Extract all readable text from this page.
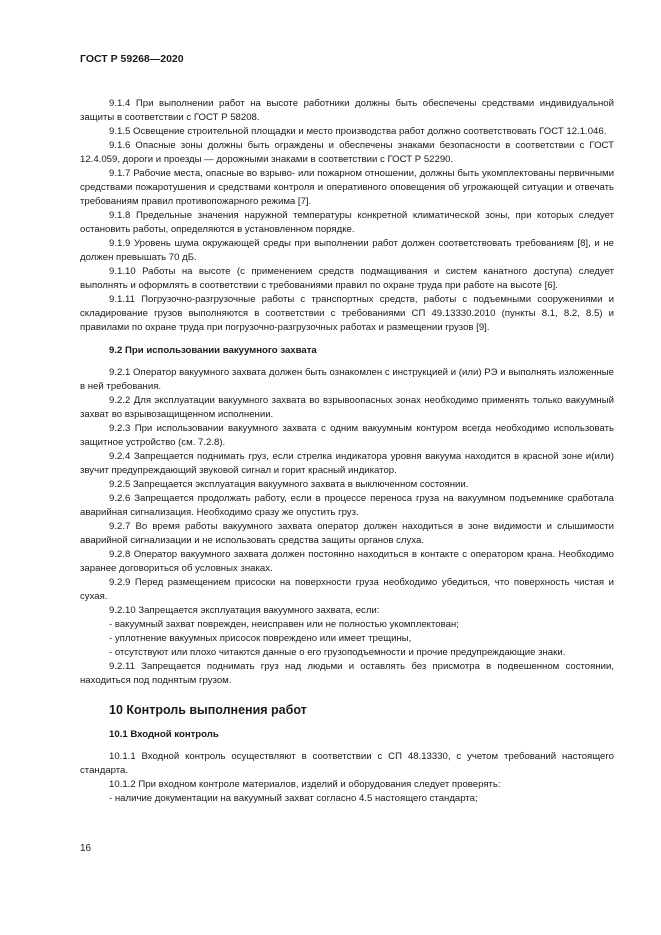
ГОСТ Р 59268—2020

9.1.4 При выполнении работ на высоте работники должны быть обеспечены средствами индивидуальной защиты в соответствии с ГОСТ Р 58208.

9.1.5 Освещение строительной площадки и место производства работ должно соответствовать ГОСТ 12.1.046.

9.1.6 Опасные зоны должны быть ограждены и обеспечены знаками безопасности в соответствии с ГОСТ 12.4.059, дороги и проезды — дорожными знаками в соответствии с ГОСТ Р 52290.

9.1.7 Рабочие места, опасные во взрыво- или пожарном отношении, должны быть укомплектованы первичными средствами пожаротушения и средствами контроля и оперативного оповещения об угрожающей ситуации и отвечать требованиям правил противопожарного режима [7].

9.1.8 Предельные значения наружной температуры конкретной климатической зоны, при которых следует остановить работы, определяются в установленном порядке.

9.1.9 Уровень шума окружающей среды при выполнении работ должен соответствовать требованиям [8], и не должен превышать 70 дБ.

9.1.10 Работы на высоте (с применением средств подмащивания и систем канатного доступа) следует выполнять и оформлять в соответствии с требованиями правил по охране труда при работе на высоте [6].

9.1.11 Погрузочно-разгрузочные работы с транспортных средств, работы с подъемными сооружениями и складирование грузов выполняются в соответствии с требованиями СП 49.13330.2010 (пункты 8.1, 8.2, 8.5) и правилами по охране труда при погрузочно-разгрузочных работах и размещении грузов [9].

9.2 При использовании вакуумного захвата

9.2.1 Оператор вакуумного захвата должен быть ознакомлен с инструкцией и (или) РЭ и выполнять изложенные в ней требования.

9.2.2 Для эксплуатации вакуумного захвата во взрывоопасных зонах необходимо применять только вакуумный захват во взрывозащищенном исполнении.

9.2.3 При использовании вакуумного захвата с одним вакуумным контуром всегда необходимо использовать защитное устройство (см. 7.2.8).

9.2.4 Запрещается поднимать груз, если стрелка индикатора уровня вакуума находится в красной зоне и(или) звучит предупреждающий звуковой сигнал и горит красный индикатор.

9.2.5 Запрещается эксплуатация вакуумного захвата в выключенном состоянии.

9.2.6 Запрещается продолжать работу, если в процессе переноса груза на вакуумном подъемнике сработала аварийная сигнализация. Необходимо сразу же опустить груз.

9.2.7 Во время работы вакуумного захвата оператор должен находиться в зоне видимости и слышимости аварийной сигнализации и не использовать средства защиты органов слуха.

9.2.8 Оператор вакуумного захвата должен постоянно находиться в контакте с оператором крана. Необходимо заранее договориться об условных знаках.

9.2.9 Перед размещением присоски на поверхности груза необходимо убедиться, что поверхность чистая и сухая.

9.2.10 Запрещается эксплуатация вакуумного захвата, если:

- вакуумный захват поврежден, неисправен или не полностью укомплектован;

- уплотнение вакуумных присосок повреждено или имеет трещины,

- отсутствуют или плохо читаются данные о его грузоподъемности и прочие предупреждающие знаки.

9.2.11 Запрещается поднимать груз над людьми и оставлять без присмотра в подвешенном состоянии, находиться под поднятым грузом.

10 Контроль выполнения работ
10.1 Входной контроль

10.1.1 Входной контроль осуществляют в соответствии с СП 48.13330, с учетом требований настоящего стандарта.

10.1.2 При входном контроле материалов, изделий и оборудования следует проверять:

- наличие документации на вакуумный захват согласно 4.5 настоящего стандарта;

16
